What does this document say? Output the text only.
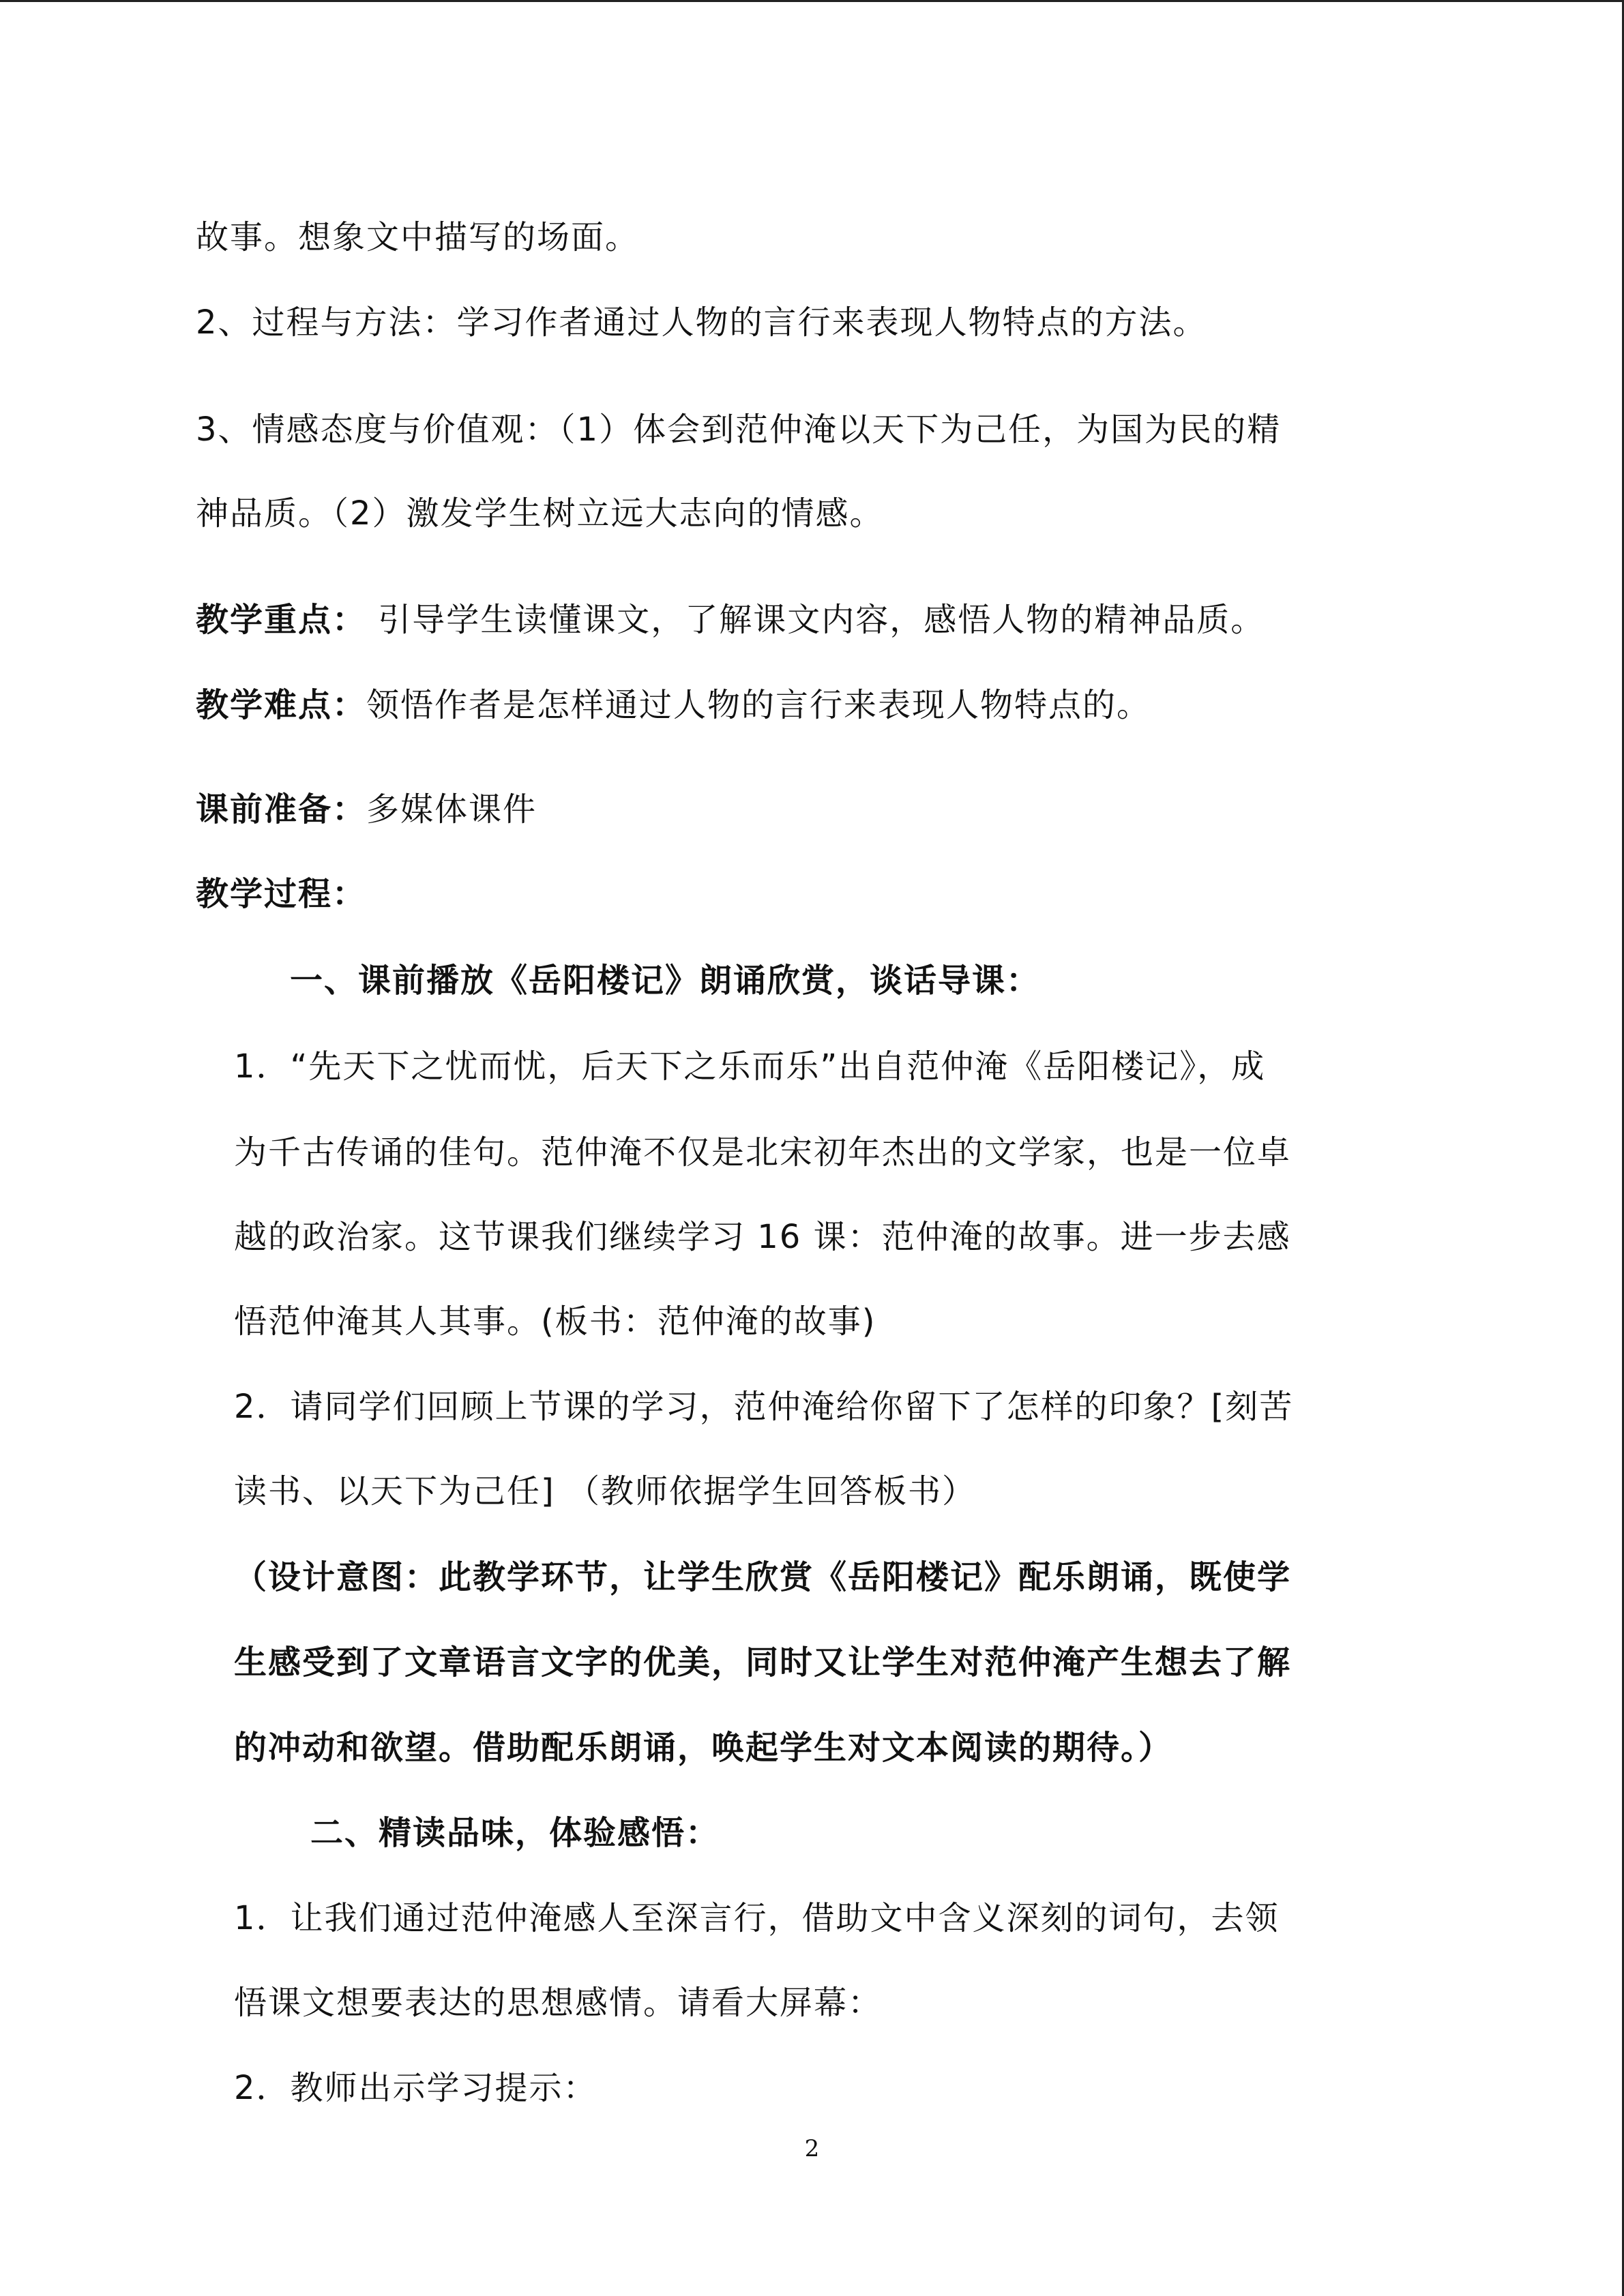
故事。想象文中描写的场面。
2、过程与方法：学习作者通过人物的言行来表现人物特点的方法。
3、情感态度与价值观：（1）体会到范仲淹以天下为己任，为国为民的精
神品质。（2）激发学生树立远大志向的情感。
教学重点： 引导学生读懂课文，了解课文内容，感悟人物的精神品质。
教学难点：领悟作者是怎样通过人物的言行来表现人物特点的。
课前准备：多媒体课件
教学过程：
一、课前播放《岳阳楼记》朗诵欣赏，谈话导课：
1．“先天下之忧而忧，后天下之乐而乐”出自范仲淹《岳阳楼记》，成
为千古传诵的佳句。范仲淹不仅是北宋初年杰出的文学家，也是一位卓
越的政治家。这节课我们继续学习 16 课：范仲淹的故事。进一步去感
悟范仲淹其人其事。(板书：范仲淹的故事)
2．请同学们回顾上节课的学习，范仲淹给你留下了怎样的印象？[刻苦
读书、以天下为己任] （教师依据学生回答板书）
（设计意图：此教学环节，让学生欣赏《岳阳楼记》配乐朗诵，既使学
生感受到了文章语言文字的优美，同时又让学生对范仲淹产生想去了解
的冲动和欲望。借助配乐朗诵，唤起学生对文本阅读的期待。）
二、精读品味，体验感悟：
1．让我们通过范仲淹感人至深言行，借助文中含义深刻的词句，去领
悟课文想要表达的思想感情。请看大屏幕：
2．教师出示学习提示：
2
